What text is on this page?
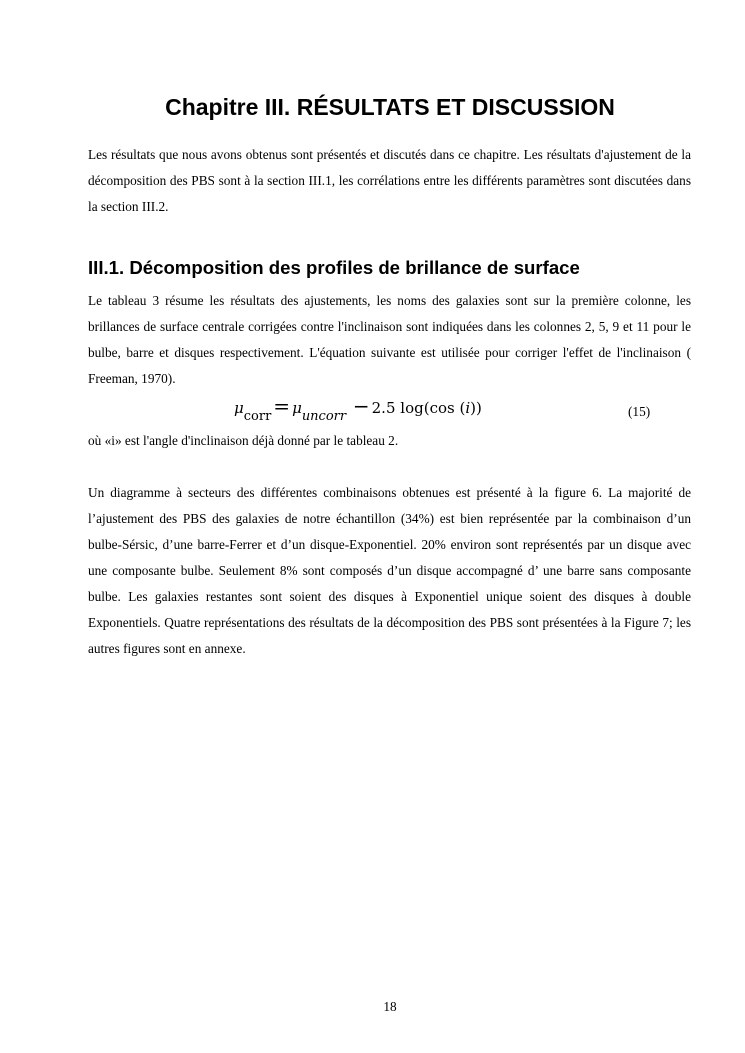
Chapitre III. RÉSULTATS ET DISCUSSION

Les résultats que nous avons obtenus sont présentés et discutés dans ce chapitre. Les résultats d'ajustement de la décomposition des PBS sont à la section III.1, les corrélations entre les différents paramètres sont discutées dans la section III.2.

III.1. Décomposition des profiles de brillance de surface

Le tableau 3 résume les résultats des ajustements, les noms des galaxies sont sur la première colonne, les brillances de surface centrale corrigées contre l'inclinaison sont indiquées dans les colonnes 2, 5, 9 et 11 pour le bulbe, barre et disques respectivement. L'équation suivante est utilisée pour corriger l'effet de l'inclinaison ( Freeman, 1970).

μcorr = μuncorr − 2.5 log(cos (i))	(15)

où «i» est l'angle d'inclinaison déjà donné par le tableau 2.

Un diagramme à secteurs des différentes combinaisons obtenues est présenté à la figure 6. La majorité de l’ajustement des PBS des galaxies de notre échantillon (34%) est bien représentée par la combinaison d’un bulbe-Sérsic, d’une barre-Ferrer et d’un disque-Exponentiel. 20% environ sont représentés par un disque avec une composante bulbe. Seulement 8% sont composés d’un disque accompagné d’ une barre sans composante bulbe. Les galaxies restantes sont soient des disques à Exponentiel unique soient des disques à double Exponentiels. Quatre représentations des résultats de la décomposition des PBS sont présentées à la Figure 7; les autres figures sont en annexe.

18
